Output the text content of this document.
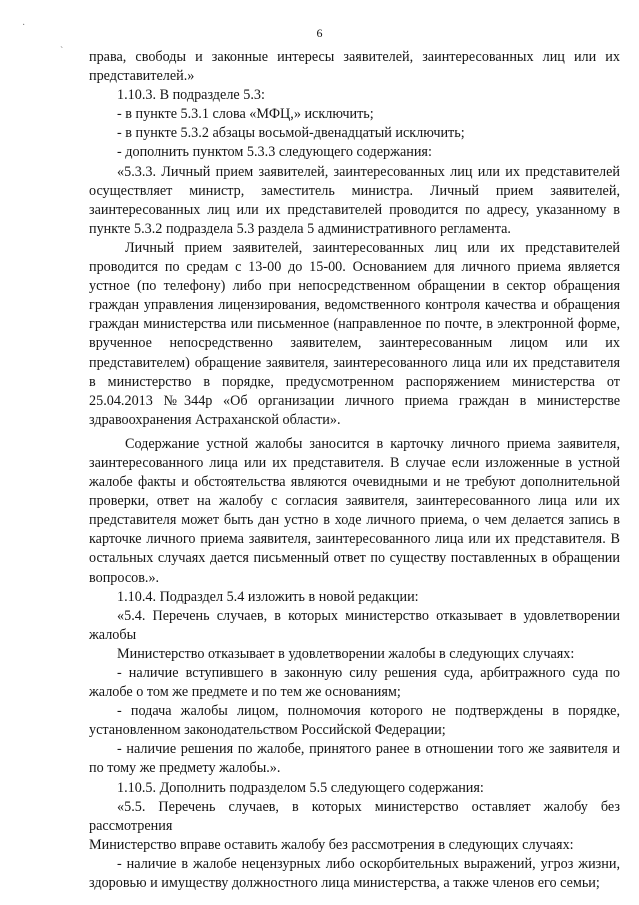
·
`
6

права, свободы и законные интересы заявителей, заинтересованных лиц или их представителей.»

1.10.3. В подразделе 5.3:

- в пункте 5.3.1 слова «МФЦ,» исключить;

- в пункте 5.3.2 абзацы восьмой-двенадцатый исключить;

- дополнить пунктом 5.3.3 следующего содержания:

«5.3.3. Личный прием заявителей, заинтересованных лиц или их представителей осуществляет министр, заместитель министра. Личный прием заявителей, заинтересованных лиц или их представителей проводится по адресу, указанному в пункте 5.3.2 подраздела 5.3 раздела 5 административного регламента.

Личный прием заявителей, заинтересованных лиц или их представителей проводится по средам с 13-00 до 15-00. Основанием для личного приема является устное (по телефону) либо при непосредственном обращении в сектор обращения граждан управления лицензирования, ведомственного контроля качества и обращения граждан министерства или письменное (направленное по почте, в электронной форме, врученное непосредственно заявителем, заинтересованным лицом или их представителем) обращение заявителя, заинтересованного лица или их представителя в министерство в порядке, предусмотренном распоряжением министерства от 25.04.2013 №344р «Об организации личного приема граждан в министерстве здравоохранения Астраханской области».

Содержание устной жалобы заносится в карточку личного приема заявителя, заинтересованного лица или их представителя. В случае если изложенные в устной жалобе факты и обстоятельства являются очевидными и не требуют дополнительной проверки, ответ на жалобу с согласия заявителя, заинтересованного лица или их представителя может быть дан устно в ходе личного приема, о чем делается запись в карточке личного приема заявителя, заинтересованного лица или их представителя. В остальных случаях дается письменный ответ по существу поставленных в обращении вопросов.».

1.10.4. Подраздел 5.4 изложить в новой редакции:

«5.4. Перечень случаев, в которых министерство отказывает в удовлетворении жалобы

Министерство отказывает в удовлетворении жалобы в следующих случаях:

- наличие вступившего в законную силу решения суда, арбитражного суда по жалобе о том же предмете и по тем же основаниям;

- подача жалобы лицом, полномочия которого не подтверждены в порядке, установленном законодательством Российской Федерации;

- наличие решения по жалобе, принятого ранее в отношении того же заявителя и по тому же предмету жалобы.».

1.10.5. Дополнить подразделом 5.5 следующего содержания:

«5.5. Перечень случаев, в которых министерство оставляет жалобу без рассмотрения

Министерство вправе оставить жалобу без рассмотрения в следующих случаях:

- наличие в жалобе нецензурных либо оскорбительных выражений, угроз жизни, здоровью и имуществу должностного лица министерства, а также членов его семьи;
